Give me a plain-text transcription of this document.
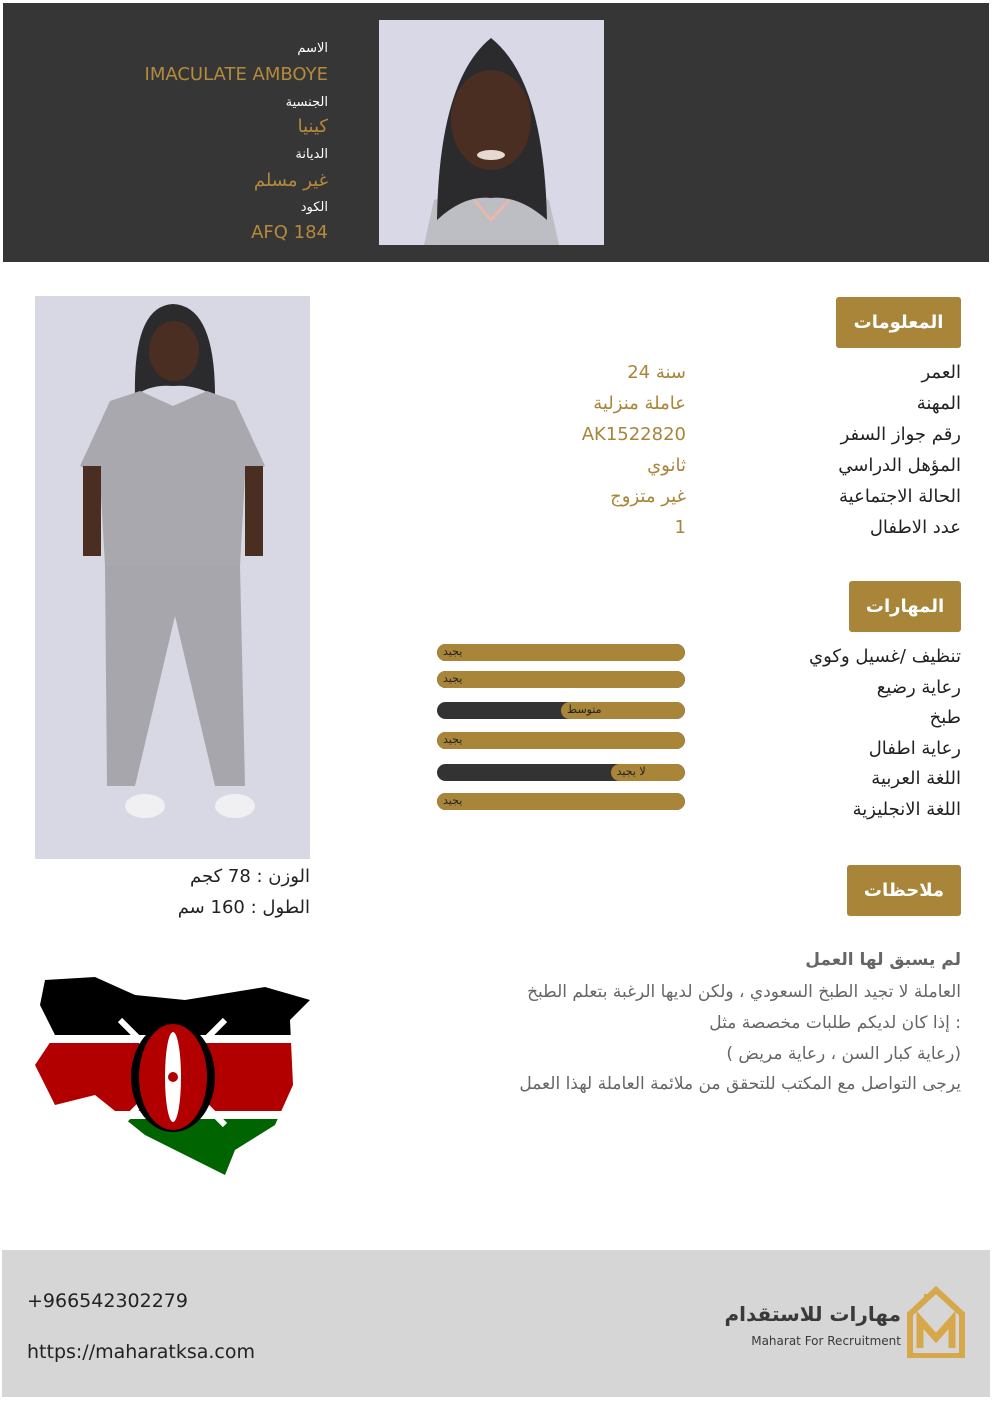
الاسم
IMACULATE AMBOYE
الجنسية
كينيا
الديانة
غير مسلم
الكود
AFQ 184
الوزن : 78 كجم
الطول : 160 سم
المعلومات
العمر
24 سنة
المهنة
عاملة منزلية
رقم جواز السفر
AK1522820
المؤهل الدراسي
ثانوي
الحالة الاجتماعية
غير متزوج
عدد الاطفال
1
المهارات
تنظيف /غسيل وكوي
يجيد
رعاية رضيع
يجيد
طبخ
متوسط
رعاية اطفال
يجيد
اللغة العربية
لا يجيد
اللغة الانجليزية
يجيد
ملاحظات
لم يسبق لها العمل
العاملة لا تجيد الطبخ السعودي ، ولكن لديها الرغبة بتعلم الطبخ
إذا كان لديكم طلبات مخصصة مثل :
( رعاية كبار السن ، رعاية مريض)
يرجى التواصل مع المكتب للتحقق من ملائمة العاملة لهذا العمل
+966542302279
https://maharatksa.com
مهارات للاستقدام
Maharat For Recruitment
